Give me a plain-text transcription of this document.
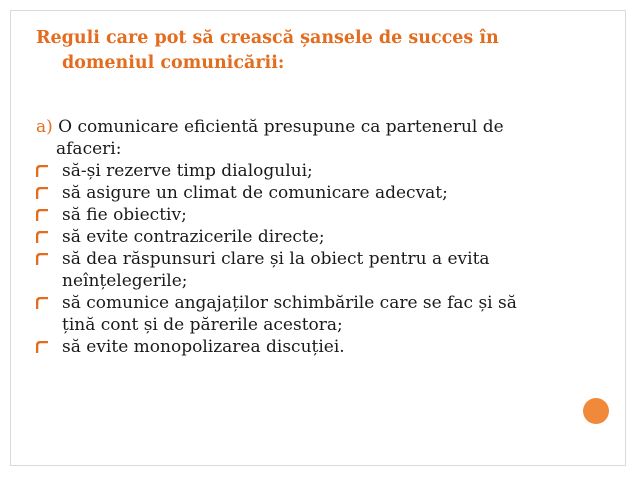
Reguli care pot să crească șansele de succes în
domeniul comunicării:
a) O comunicare eficientă presupune ca partenerul de
afaceri:
să-și rezerve timp dialogului;
să asigure un climat de comunicare adecvat;
să fie obiectiv;
să evite contrazicerile directe;
să dea răspunsuri clare și la obiect pentru a evita
neînțelegerile;
să comunice angajaților schimbările care se fac și să
țină cont și de părerile acestora;
să evite monopolizarea discuției.
